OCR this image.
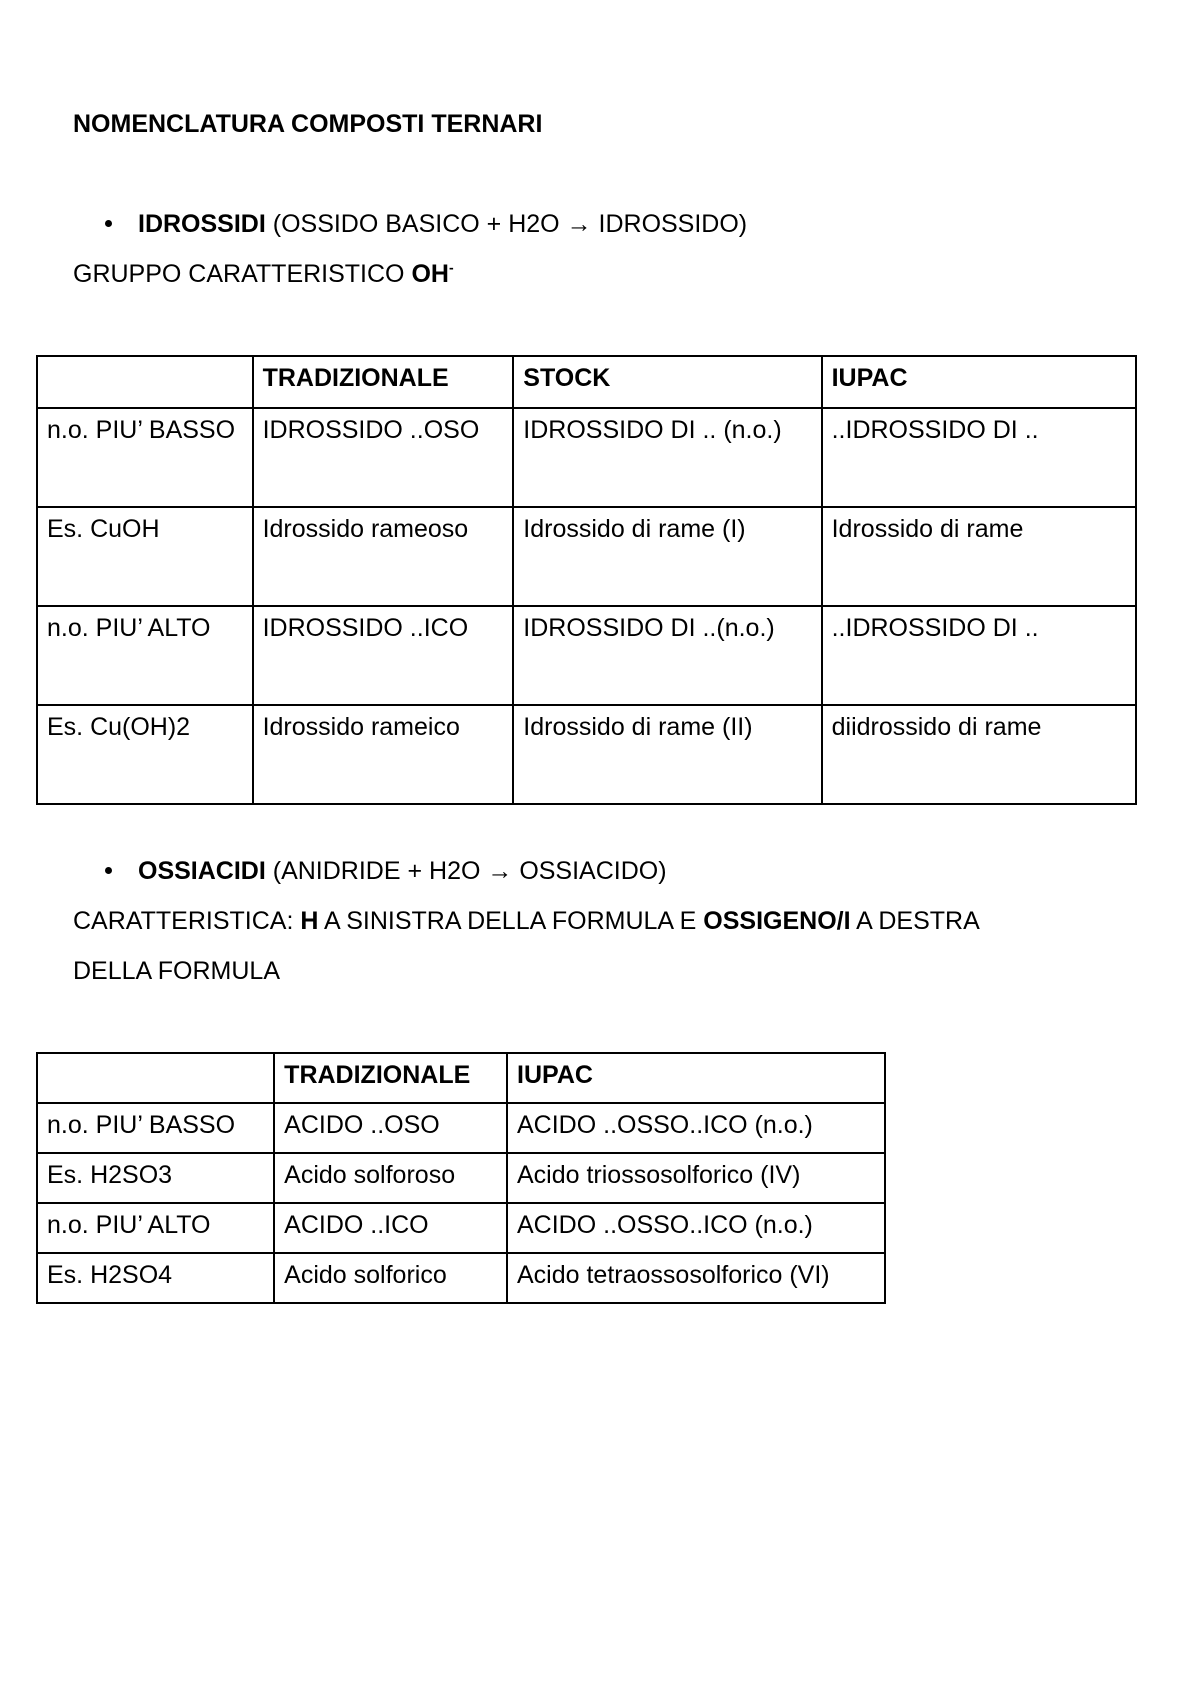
NOMENCLATURA COMPOSTI TERNARI
IDROSSIDI (OSSIDO BASICO + H2O → IDROSSIDO)
GRUPPO CARATTERISTICO OH-

	TRADIZIONALE	STOCK	IUPAC

n.o. PIU’ BASSO	IDROSSIDO ..OSO	IDROSSIDO DI .. (n.o.)	..IDROSSIDO DI ..

Es. CuOH	Idrossido rameoso	Idrossido di rame (I)	Idrossido di rame

n.o. PIU’ ALTO	IDROSSIDO ..ICO	IDROSSIDO DI ..(n.o.)	..IDROSSIDO DI ..

Es. Cu(OH)2	Idrossido rameico	Idrossido di rame (II)	diidrossido di rame
OSSIACIDI (ANIDRIDE + H2O → OSSIACIDO)
CARATTERISTICA: H A SINISTRA DELLA FORMULA E OSSIGENO/I A DESTRA
DELLA FORMULA

	TRADIZIONALE	IUPAC

n.o. PIU’ BASSO	ACIDO ..OSO	ACIDO ..OSSO..ICO (n.o.)

Es. H2SO3	Acido solforoso	Acido triossosolforico (IV)

n.o. PIU’ ALTO	ACIDO ..ICO	ACIDO ..OSSO..ICO (n.o.)

Es. H2SO4	Acido solforico	Acido tetraossosolforico (VI)
